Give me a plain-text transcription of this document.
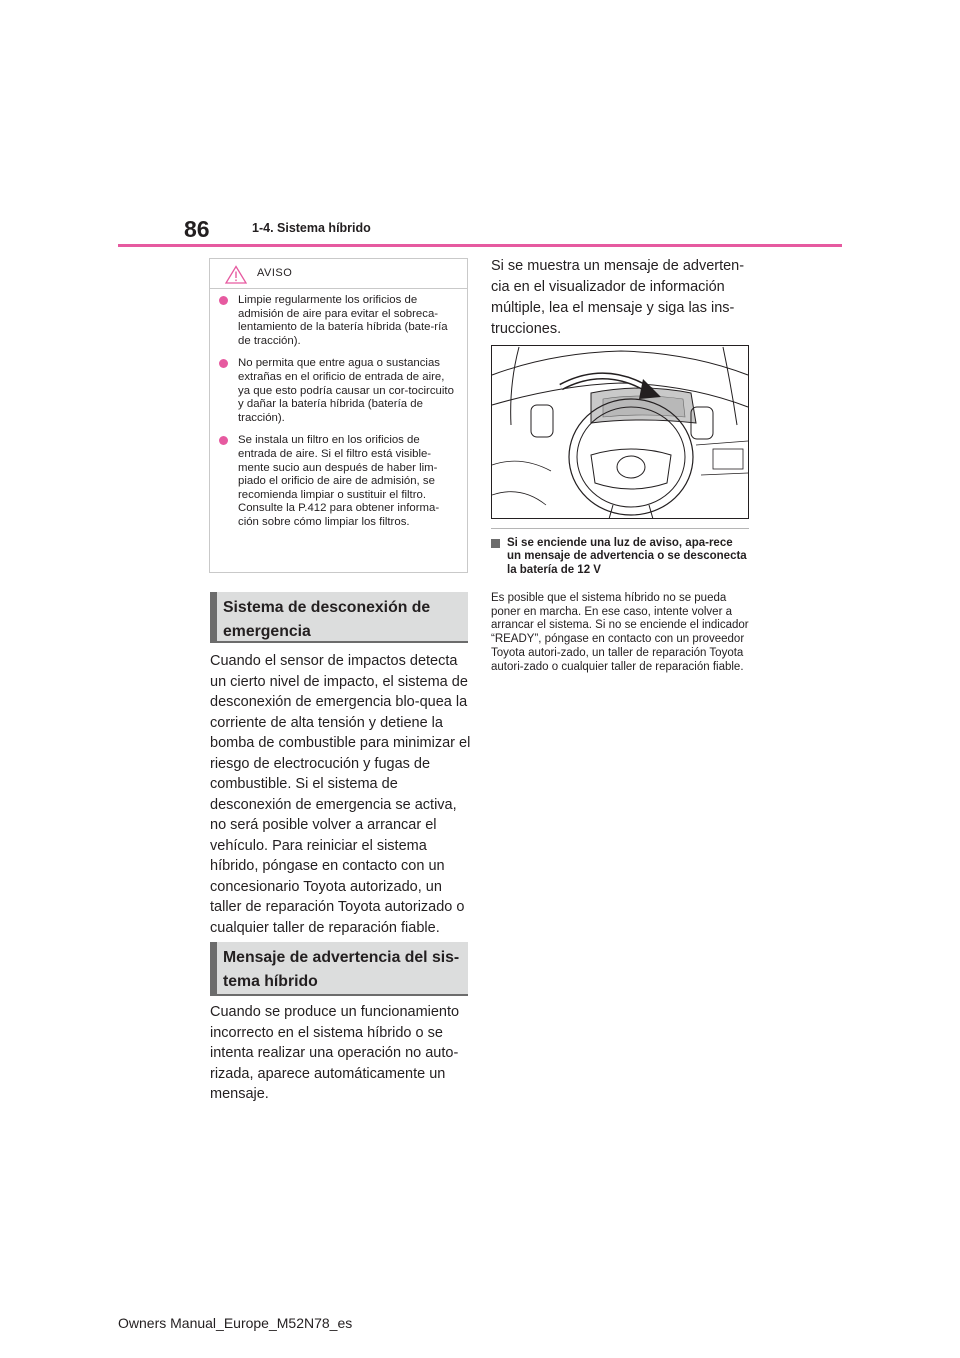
86	1-4. Sistema híbrido
AVISO
Limpie regularmente los orificios de admisión de aire para evitar el sobreca-lentamiento de la batería híbrida (bate-ría de tracción).
No permita que entre agua o sustancias extrañas en el orificio de entrada de aire, ya que esto podría causar un cor-tocircuito y dañar la batería híbrida (batería de tracción).
Se instala un filtro en los orificios de entrada de aire. Si el filtro está visible-mente sucio aun después de haber lim-piado el orificio de aire de admisión, se recomienda limpiar o sustituir el filtro. Consulte la P.412 para obtener informa-ción sobre cómo limpiar los filtros.
Sistema de desconexión de emergencia
Cuando el sensor de impactos detecta un cierto nivel de impacto, el sistema de desconexión de emergencia blo-quea la corriente de alta tensión y detiene la bomba de combustible para minimizar el riesgo de electrocución y fugas de combustible. Si el sistema de desconexión de emergencia se activa, no será posible volver a arrancar el vehículo. Para reiniciar el sistema híbrido, póngase en contacto con un concesionario Toyota autorizado, un taller de reparación Toyota autorizado o cualquier taller de reparación fiable.
Mensaje de advertencia del sis-tema híbrido
Cuando se produce un funcionamiento incorrecto en el sistema híbrido o se intenta realizar una operación no auto-rizada, aparece automáticamente un mensaje.
Si se muestra un mensaje de adverten-cia en el visualizador de información múltiple, lea el mensaje y siga las ins-trucciones.
Si se enciende una luz de aviso, apa-rece un mensaje de advertencia o se desconecta la batería de 12 V
Es posible que el sistema híbrido no se pueda poner en marcha. En ese caso, intente volver a arrancar el sistema. Si no se enciende el indicador “READY”, póngase en contacto con un proveedor Toyota autori-zado, un taller de reparación Toyota autori-zado o cualquier taller de reparación fiable.
Owners Manual_Europe_M52N78_es
